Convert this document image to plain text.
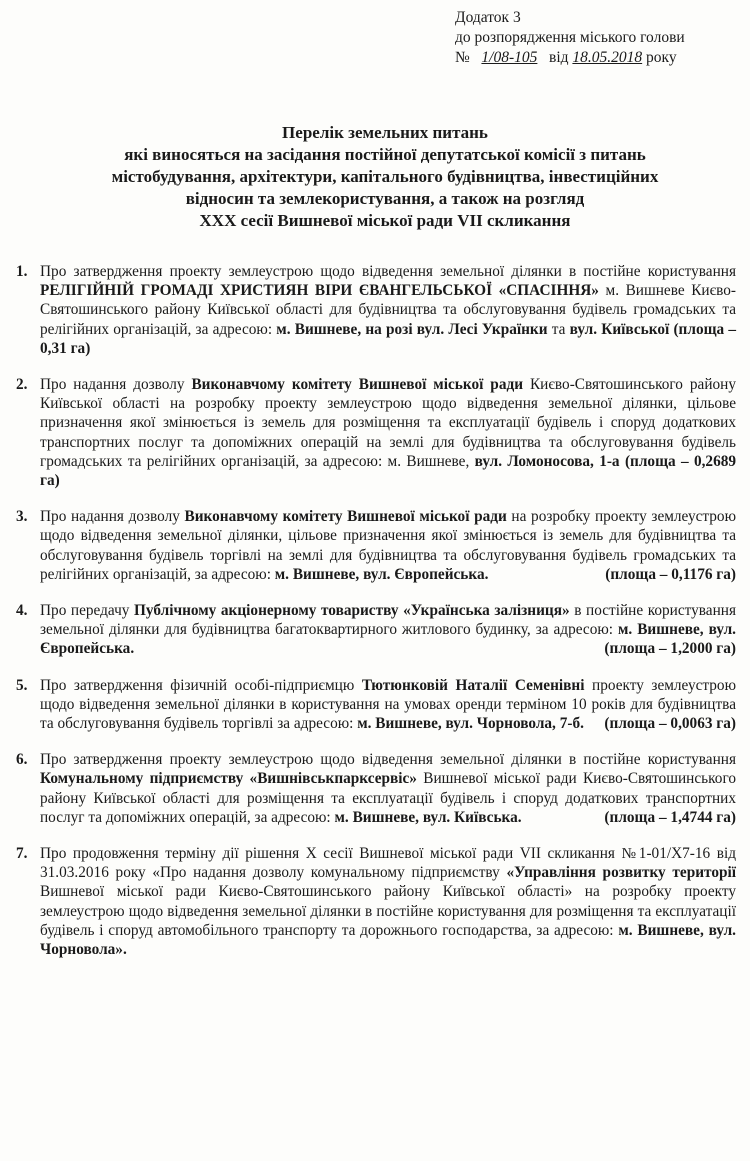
Додаток 3
до розпорядження міського голови
№ 1/08-105 від 18.05.2018 року
Перелік земельних питань
які виносяться на засідання постійної депутатської комісії з питань
містобудування, архітектури, капітального будівництва, інвестиційних
відносин та землекористування, а також на розгляд
XXX сесії Вишневої міської ради VII скликання
1. Про затвердження проекту землеустрою щодо відведення земельної ділянки в постійне користування РЕЛІГІЙНІЙ ГРОМАДІ ХРИСТИЯН ВІРИ ЄВАНГЕЛЬСЬКОЇ «СПАСІННЯ» м. Вишневе Києво-Святошинського району Київської області для будівництва та обслуговування будівель громадських та релігійних організацій, за адресою: м. Вишневе, на розі вул. Лесі Українки та вул. Київської (площа – 0,31 га)
2. Про надання дозволу Виконавчому комітету Вишневої міської ради Києво-Святошинського району Київської області на розробку проекту землеустрою щодо відведення земельної ділянки, цільове призначення якої змінюється із земель для розміщення та експлуатації будівель і споруд додаткових транспортних послуг та допоміжних операцій на землі для будівництва та обслуговування будівель громадських та релігійних організацій, за адресою: м. Вишневе, вул. Ломоносова, 1-а (площа – 0,2689 га)
3. Про надання дозволу Виконавчому комітету Вишневої міської ради на розробку проекту землеустрою щодо відведення земельної ділянки, цільове призначення якої змінюється із земель для будівництва та обслуговування будівель торгівлі на землі для будівництва та обслуговування будівель громадських та релігійних організацій, за адресою: м. Вишневе, вул. Європейська.	(площа – 0,1176 га)
4. Про передачу Публічному акціонерному товариству «Українська залізниця» в постійне користування земельної ділянки для будівництва багатоквартирного житлового будинку, за адресою: м. Вишневе, вул. Європейська.	(площа – 1,2000 га)
5. Про затвердження фізичній особі-підприємцю Тютюнковій Наталії Семенівні проекту землеустрою щодо відведення земельної ділянки в користування на умовах оренди терміном 10 років для будівництва та обслуговування будівель торгівлі за адресою: м. Вишневе, вул. Чорновола, 7-б. (площа – 0,0063 га)
6. Про затвердження проекту землеустрою щодо відведення земельної ділянки в постійне користування Комунальному підприємству «Вишнівськпарксервіс» Вишневої міської ради Києво-Святошинського району Київської області для розміщення та експлуатації будівель і споруд додаткових транспортних послуг та допоміжних операцій, за адресою: м. Вишневе, вул. Київська.	(площа – 1,4744 га)
7. Про продовження терміну дії рішення X сесії Вишневої міської ради VII скликання №1-01/X7-16 від 31.03.2016 року «Про надання дозволу комунальному підприємству «Управління розвитку території Вишневої міської ради Києво-Святошинського району Київської області» на розробку проекту землеустрою щодо відведення земельної ділянки в постійне користування для розміщення та експлуатації будівель і споруд автомобільного транспорту та дорожнього господарства, за адресою: м. Вишневе, вул. Чорновола».
